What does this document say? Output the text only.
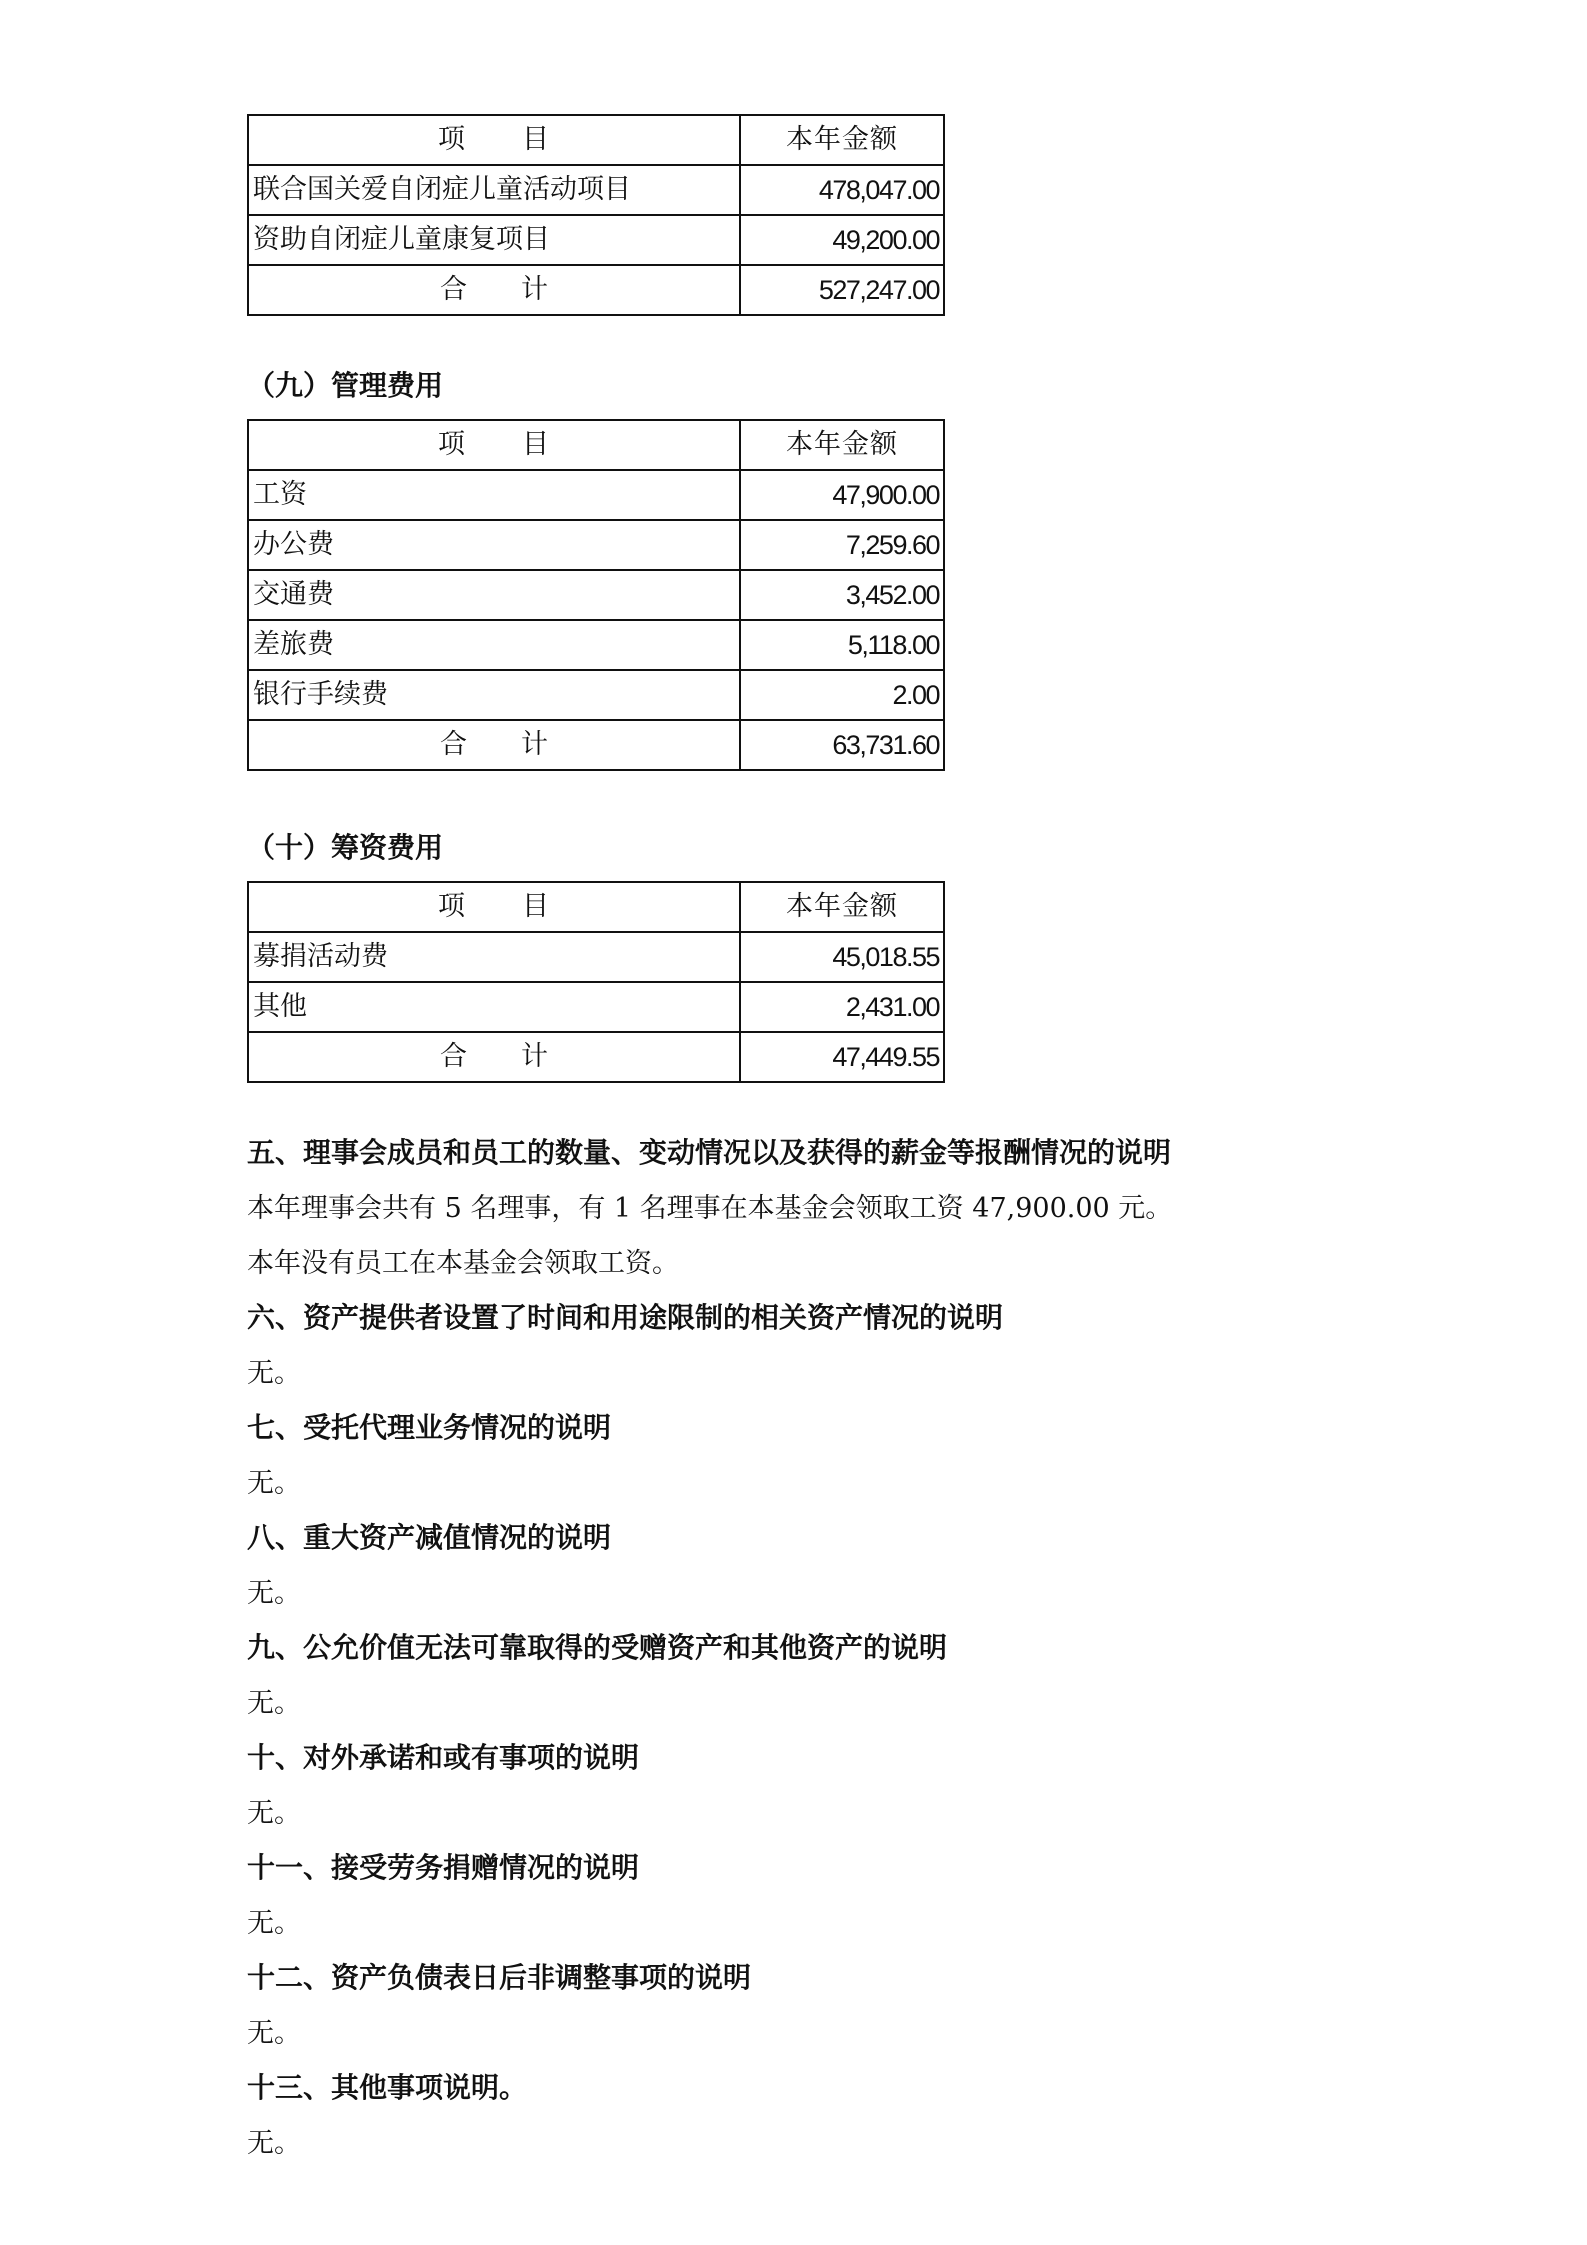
项　　目	本年金额
联合国关爱自闭症儿童活动项目	478,047.00
资助自闭症儿童康复项目	49,200.00
合　　计	527,247.00
（九）管理费用
项　　目	本年金额
工资	47,900.00
办公费	7,259.60
交通费	3,452.00
差旅费	5,118.00
银行手续费	2.00
合　　计	63,731.60
（十）筹资费用
项　　目	本年金额
募捐活动费	45,018.55
其他	2,431.00
合　　计	47,449.55
五、理事会成员和员工的数量、变动情况以及获得的薪金等报酬情况的说明
本年理事会共有 5 名理事，有 1 名理事在本基金会领取工资 47,900.00 元。
本年没有员工在本基金会领取工资。
六、资产提供者设置了时间和用途限制的相关资产情况的说明
无。
七、受托代理业务情况的说明
无。
八、重大资产减值情况的说明
无。
九、公允价值无法可靠取得的受赠资产和其他资产的说明
无。
十、对外承诺和或有事项的说明
无。
十一、接受劳务捐赠情况的说明
无。
十二、资产负债表日后非调整事项的说明
无。
十三、其他事项说明。
无。
